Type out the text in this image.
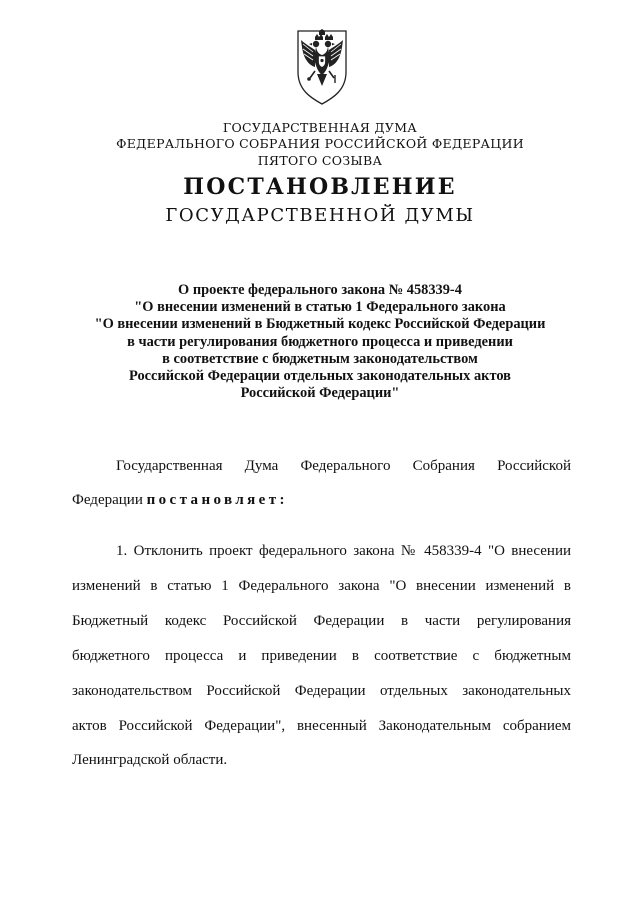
ГОСУДАРСТВЕННАЯ ДУМА
ФЕДЕРАЛЬНОГО СОБРАНИЯ РОССИЙСКОЙ ФЕДЕРАЦИИ
ПЯТОГО СОЗЫВА
ПОСТАНОВЛЕНИЕ
ГОСУДАРСТВЕННОЙ ДУМЫ
О проекте федерального закона № 458339-4
"О внесении изменений в статью 1 Федерального закона
"О внесении изменений в Бюджетный кодекс Российской Федерации
в части регулирования бюджетного процесса и приведении
в соответствие с бюджетным законодательством
Российской Федерации отдельных законодательных актов
Российской Федерации"
Государственная Дума Федерального Собрания Российской
Федерации постановляет:
1. Отклонить проект федерального закона № 458339-4 "О внесении
изменений в статью 1 Федерального закона "О внесении изменений в
Бюджетный кодекс Российской Федерации в части регулирования
бюджетного процесса и приведении в соответствие с бюджетным
законодательством Российской Федерации отдельных законодательных
актов Российской Федерации", внесенный Законодательным собранием
Ленинградской области.
